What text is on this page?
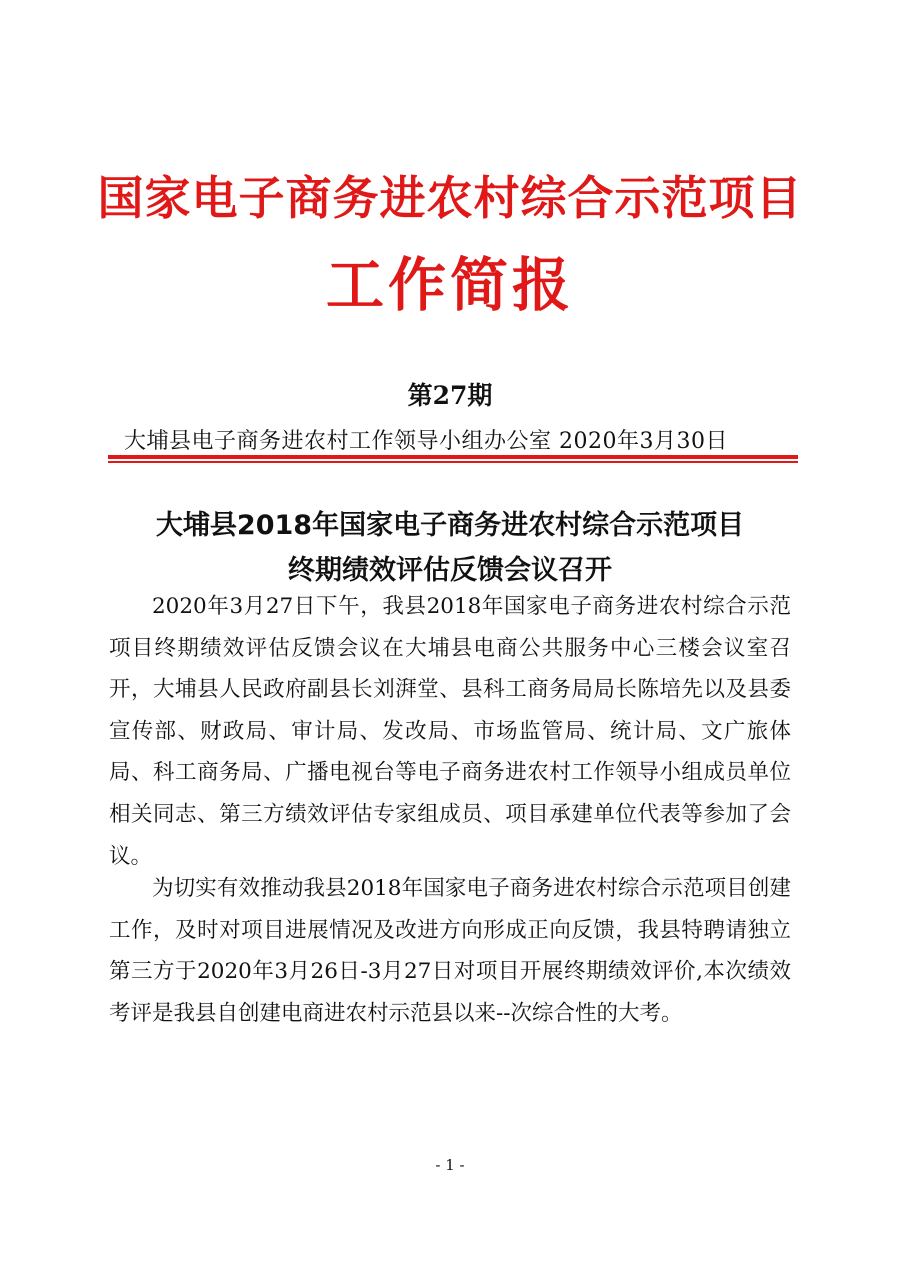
国家电子商务进农村综合示范项目
工作简报
第27期
大埔县电子商务进农村工作领导小组办公室 2020年3月30日
大埔县2018年国家电子商务进农村综合示范项目
终期绩效评估反馈会议召开

2020年3月27日下午，我县2018年国家电子商务进农村综合示范项目终期绩效评估反馈会议在大埔县电商公共服务中心三楼会议室召开，大埔县人民政府副县长刘湃堂、县科工商务局局长陈培先以及县委宣传部、财政局、审计局、发改局、市场监管局、统计局、文广旅体局、科工商务局、广播电视台等电子商务进农村工作领导小组成员单位相关同志、第三方绩效评估专家组成员、项目承建单位代表等参加了会议。

为切实有效推动我县2018年国家电子商务进农村综合示范项目创建工作，及时对项目进展情况及改进方向形成正向反馈，我县特聘请独立第三方于2020年3月26日-3月27日对项目开展终期绩效评价,本次绩效考评是我县自创建电商进农村示范县以来--次综合性的大考。

- 1 -
